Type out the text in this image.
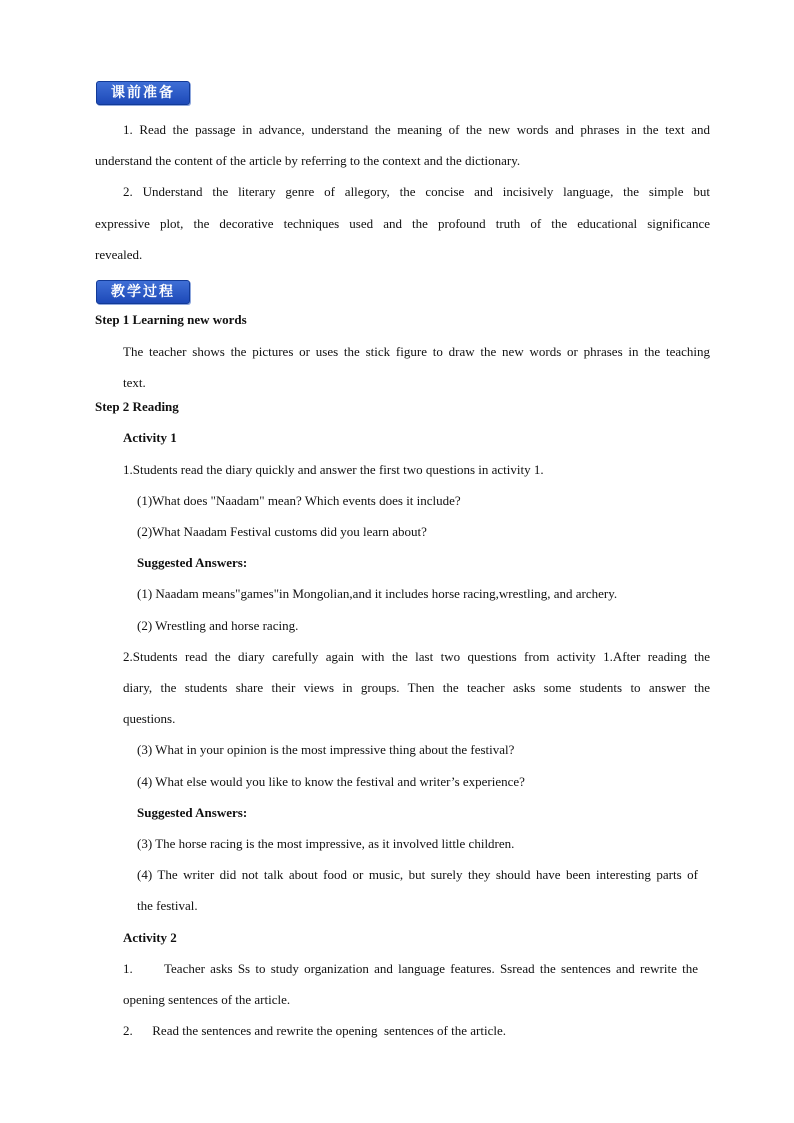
课前准备
1. Read the passage in advance, understand the meaning of the new words and phrases in the text and
understand the content of the article by referring to the context and the dictionary.
2. Understand the literary genre of allegory, the concise and incisively language, the simple but
expressive plot, the decorative techniques used and the profound truth of the educational significance
revealed.
教学过程
Step 1 Learning new words
The teacher shows the pictures or uses the stick figure to draw the new words or phrases in the teaching
text.
Step 2 Reading
Activity 1
1.Students read the diary quickly and answer the first two questions in activity 1.
(1)What does "Naadam" mean? Which events does it include?
(2)What Naadam Festival customs did you learn about?
Suggested Answers:
(1) Naadam means"games"in Mongolian,and it includes horse racing,wrestling, and archery.
(2) Wrestling and horse racing.
2.Students read the diary carefully again with the last two questions from activity 1.After reading the
diary, the students share their views in groups. Then the teacher asks some students to answer the
questions.
(3) What in your opinion is the most impressive thing about the festival?
(4) What else would you like to know the festival and writer’s experience?
Suggested Answers:
(3) The horse racing is the most impressive, as it involved little children.
(4) The writer did not talk about food or music, but surely they should have been interesting parts of
the festival.
Activity 2
1.      Teacher asks Ss to study organization and language features. Ssread the sentences and rewrite the
opening sentences of the article.
2.      Read the sentences and rewrite the opening  sentences of the article.
